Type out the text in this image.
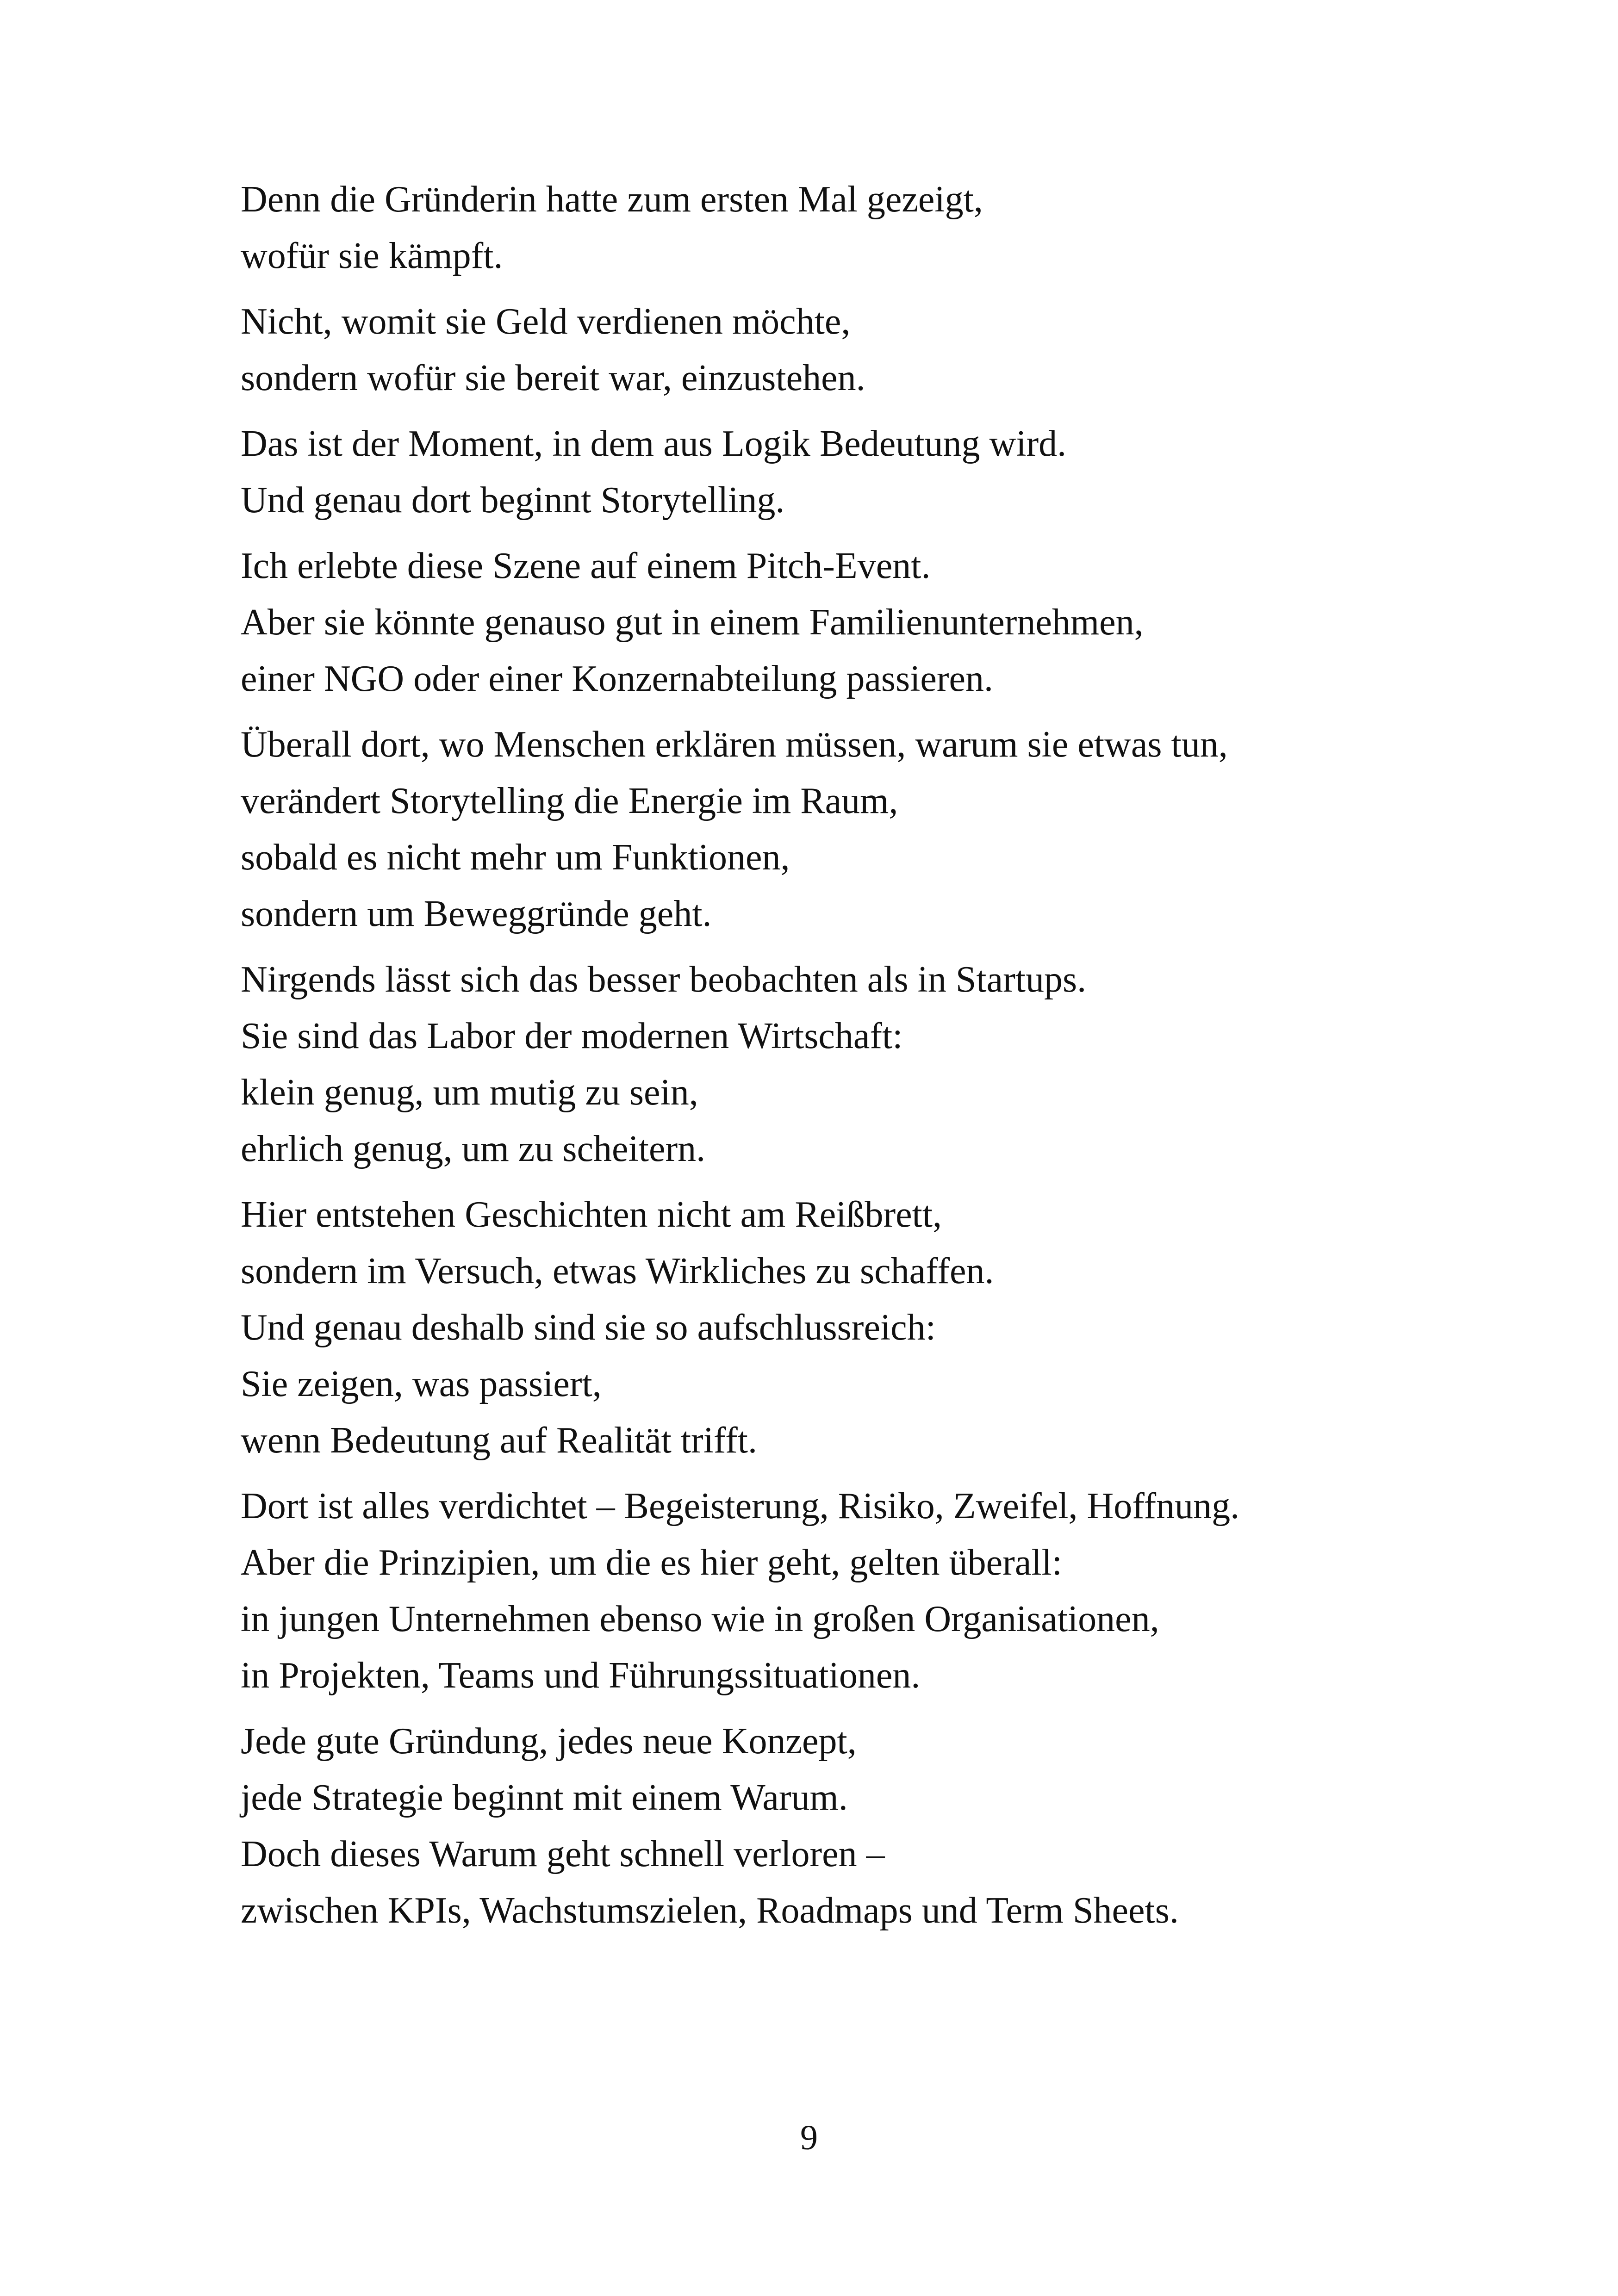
Denn die Gründerin hatte zum ersten Mal gezeigt,
wofür sie kämpft.

Nicht, womit sie Geld verdienen möchte,
sondern wofür sie bereit war, einzustehen.

Das ist der Moment, in dem aus Logik Bedeutung wird.
Und genau dort beginnt Storytelling.

Ich erlebte diese Szene auf einem Pitch-Event.
Aber sie könnte genauso gut in einem Familienunternehmen,
einer NGO oder einer Konzernabteilung passieren.

Überall dort, wo Menschen erklären müssen, warum sie etwas tun,
verändert Storytelling die Energie im Raum,
sobald es nicht mehr um Funktionen,
sondern um Beweggründe geht.

Nirgends lässt sich das besser beobachten als in Startups.
Sie sind das Labor der modernen Wirtschaft:
klein genug, um mutig zu sein,
ehrlich genug, um zu scheitern.

Hier entstehen Geschichten nicht am Reißbrett,
sondern im Versuch, etwas Wirkliches zu schaffen.
Und genau deshalb sind sie so aufschlussreich:
Sie zeigen, was passiert,
wenn Bedeutung auf Realität trifft.

Dort ist alles verdichtet – Begeisterung, Risiko, Zweifel, Hoffnung.
Aber die Prinzipien, um die es hier geht, gelten überall:
in jungen Unternehmen ebenso wie in großen Organisationen,
in Projekten, Teams und Führungssituationen.

Jede gute Gründung, jedes neue Konzept,
jede Strategie beginnt mit einem Warum.
Doch dieses Warum geht schnell verloren –
zwischen KPIs, Wachstumszielen, Roadmaps und Term Sheets.

9
